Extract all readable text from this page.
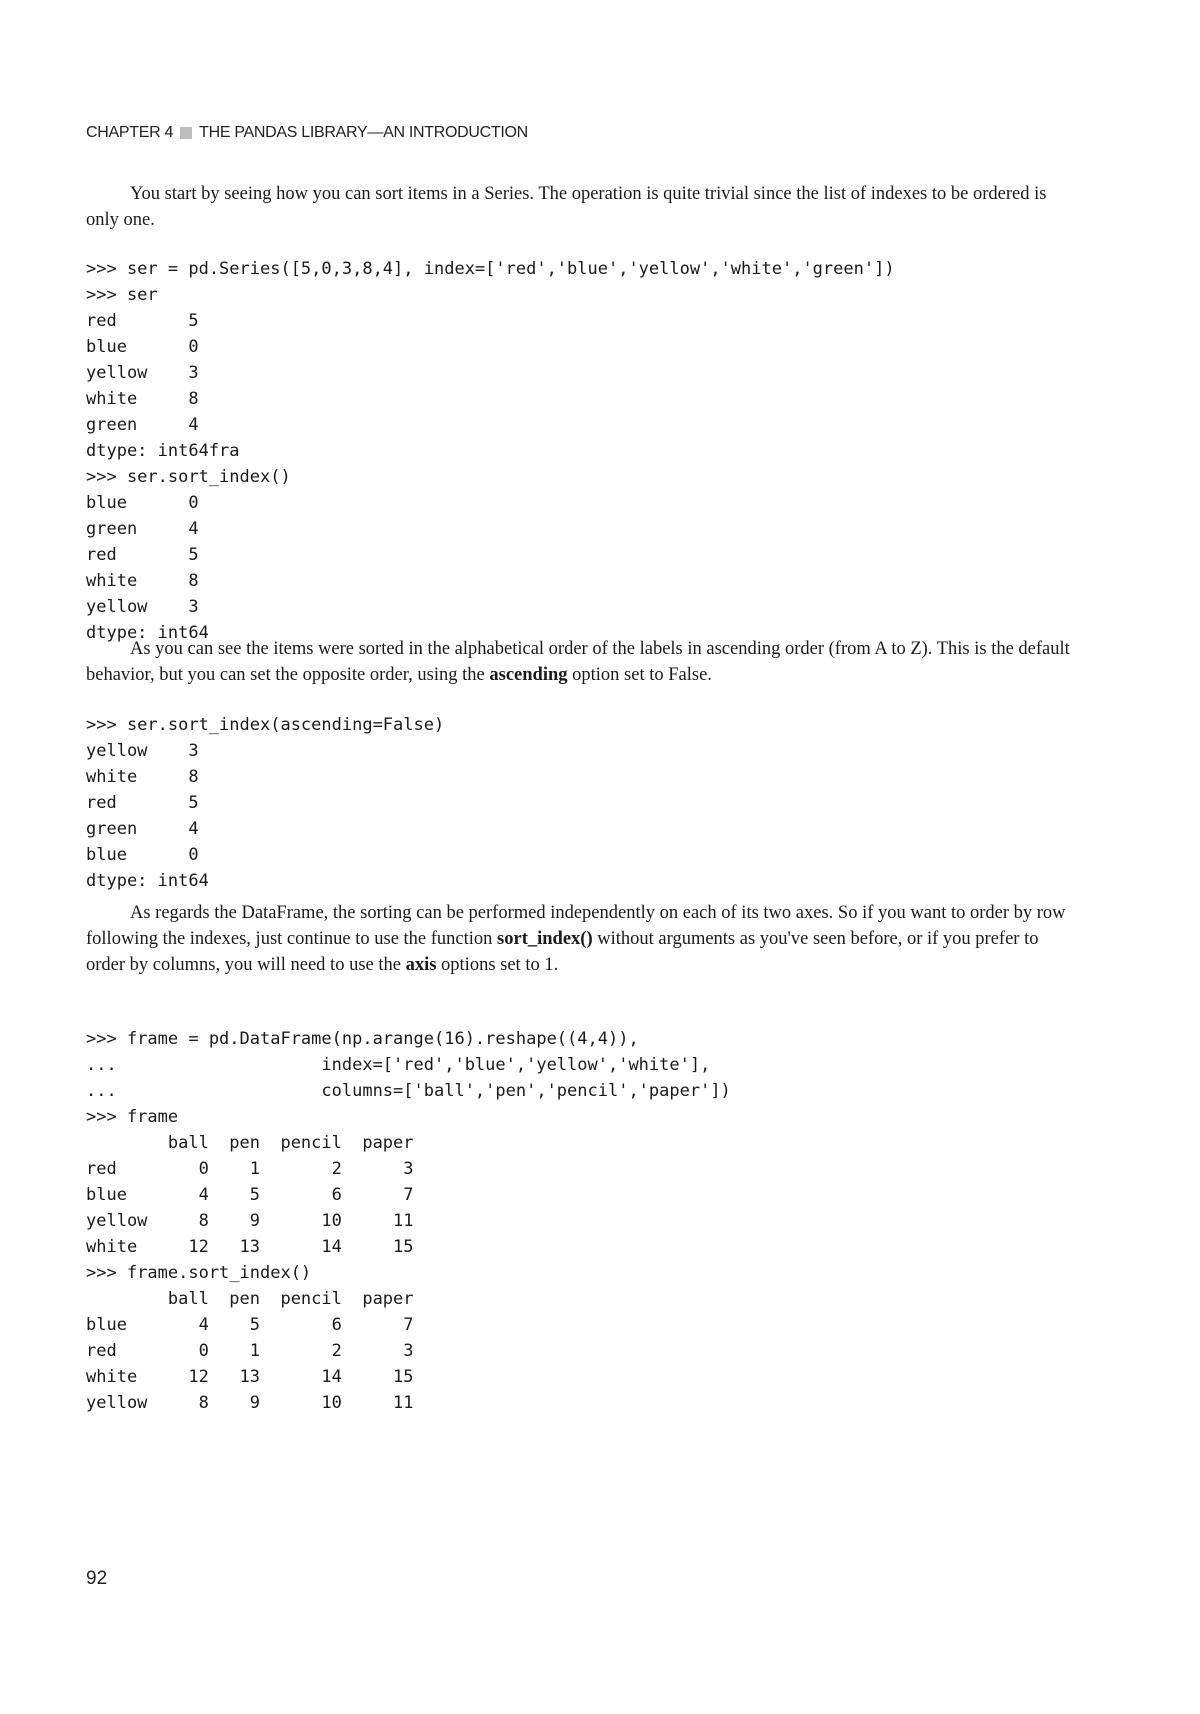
CHAPTER 4 THE PANDAS LIBRARY—AN INTRODUCTION

You start by seeing how you can sort items in a Series. The operation is quite trivial since the list of indexes to be ordered is only one.

>>> ser = pd.Series([5,0,3,8,4], index=['red','blue','yellow','white','green'])
>>> ser
red       5
blue      0
yellow    3
white     8
green     4
dtype: int64fra
>>> ser.sort_index()
blue      0
green     4
red       5
white     8
yellow    3
dtype: int64

As you can see the items were sorted in the alphabetical order of the labels in ascending order (from A to Z). This is the default behavior, but you can set the opposite order, using the ascending option set to False.

>>> ser.sort_index(ascending=False)
yellow    3
white     8
red       5
green     4
blue      0
dtype: int64

As regards the DataFrame, the sorting can be performed independently on each of its two axes. So if you want to order by row following the indexes, just continue to use the function sort_index() without arguments as you've seen before, or if you prefer to order by columns, you will need to use the axis options set to 1.

>>> frame = pd.DataFrame(np.arange(16).reshape((4,4)),
...                    index=['red','blue','yellow','white'],
...                    columns=['ball','pen','pencil','paper'])
>>> frame
ball  pen  pencil  paper
red        0    1       2      3
blue       4    5       6      7
yellow     8    9      10     11
white     12   13      14     15
>>> frame.sort_index()
ball  pen  pencil  paper
blue       4    5       6      7
red        0    1       2      3
white     12   13      14     15
yellow     8    9      10     11
92
